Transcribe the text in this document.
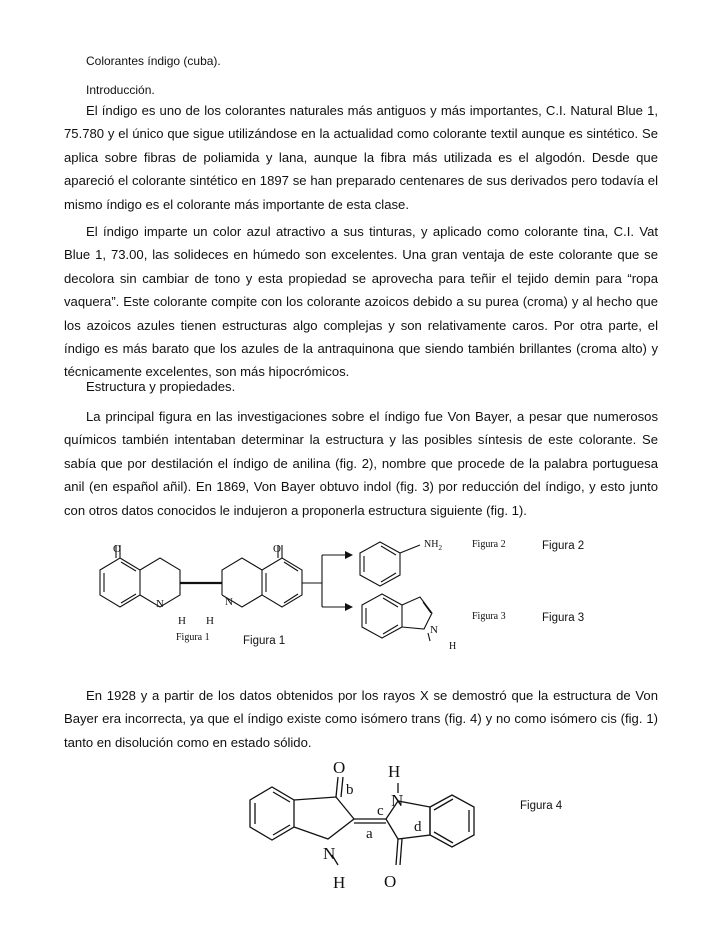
Colorantes índigo (cuba).

Introducción.

El índigo es uno de los colorantes naturales más antiguos y más importantes, C.I. Natural Blue 1, 75.780 y el único que sigue utilizándose en la actualidad como colorante textil aunque es sintético. Se aplica sobre fibras de poliamida y lana, aunque la fibra más utilizada es el algodón. Desde que apareció el colorante sintético en 1897 se han preparado centenares de sus derivados pero todavía el mismo índigo es el colorante más importante de esta clase.

El índigo imparte un color azul atractivo a sus tinturas, y aplicado como colorante tina, C.I. Vat Blue 1, 73.00, las solideces en húmedo son excelentes. Una gran ventaja de este colorante que se decolora sin cambiar de tono y esta propiedad se aprovecha para teñir el tejido demin para “ropa vaquera”. Este colorante compite con los colorante azoicos debido a su purea (croma) y al hecho que los azoicos azules tienen estructuras algo complejas y son relativamente caros. Por otra parte, el índigo es más barato que los azules de la antraquinona que siendo también brillantes (croma alto) y técnicamente excelentes, son más hipocrómicos.

Estructura y propiedades.

La principal figura en las investigaciones sobre el índigo fue Von Bayer, a pesar que numerosos químicos también intentaban determinar la estructura y las posibles síntesis de este colorante. Se sabía que por destilación el índigo de anilina (fig. 2), nombre que procede de la palabra portuguesa anil (en español añil). En 1869, Von Bayer obtuvo indol (fig. 3) por reducción del índigo, y esto junto con otros datos conocidos le indujeron a proponerla estructura siguiente (fig. 1).

O	O
N	N
H H
Figura 1	Figura 1
$NH_2$	Figura 2	Figura 2
N
H
Figura 3	Figura 3

En 1928 y a partir de los datos obtenidos por los rayos X se demostró que la estructura de Von Bayer era incorrecta, ya que el índigo existe como isómero trans (fig. 4) y no como isómero cis (fig. 1) tanto en disolución como en estado sólido.

O
b
N
H
a
H
N
c
d
O
Figura 4
